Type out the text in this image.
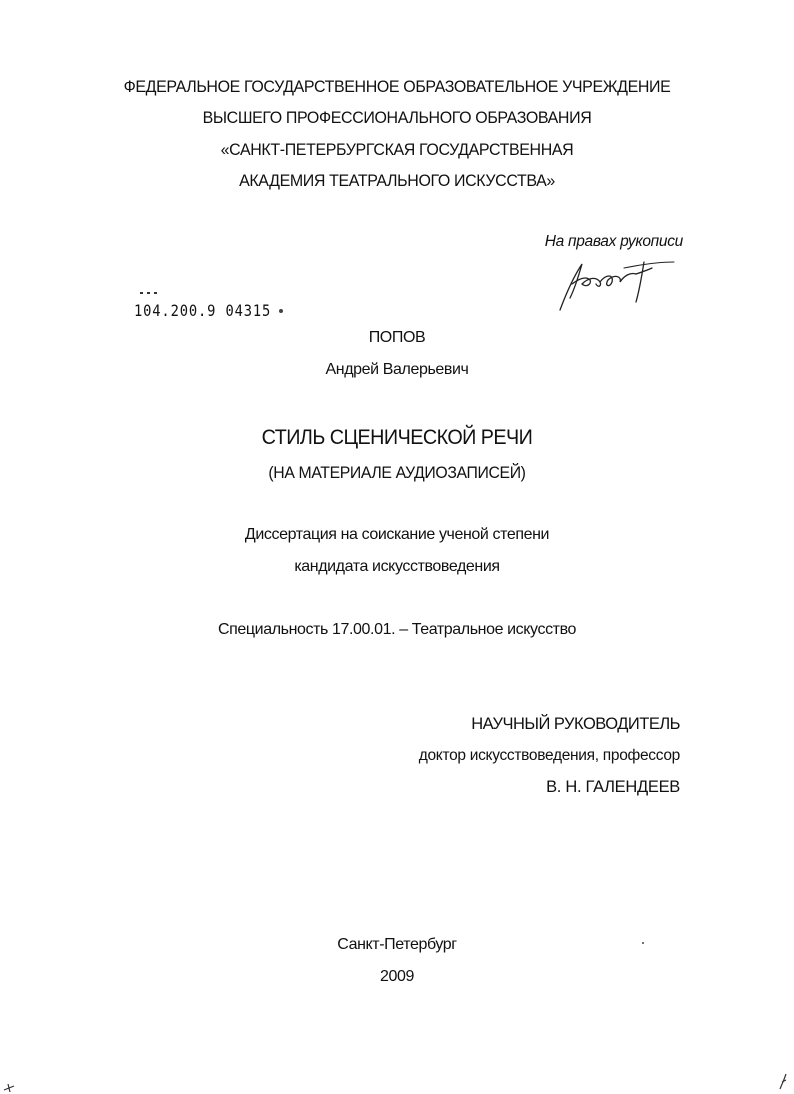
ФЕДЕРАЛЬНОЕ ГОСУДАРСТВЕННОЕ ОБРАЗОВАТЕЛЬНОЕ УЧРЕЖДЕНИЕ
ВЫСШЕГО ПРОФЕССИОНАЛЬНОГО ОБРАЗОВАНИЯ
«САНКТ-ПЕТЕРБУРГСКАЯ ГОСУДАРСТВЕННАЯ
АКАДЕМИЯ ТЕАТРАЛЬНОГО ИСКУССТВА»
На правах рукописи
104.200.9 04315
ПОПОВ
Андрей Валерьевич
СТИЛЬ СЦЕНИЧЕСКОЙ РЕЧИ
(НА МАТЕРИАЛЕ АУДИОЗАПИСЕЙ)
Диссертация на соискание ученой степени
кандидата искусствоведения
Специальность 17.00.01. – Театральное искусство
НАУЧНЫЙ РУКОВОДИТЕЛЬ
доктор искусствоведения, профессор
В. Н. ГАЛЕНДЕЕВ
Санкт-Петербург
2009
